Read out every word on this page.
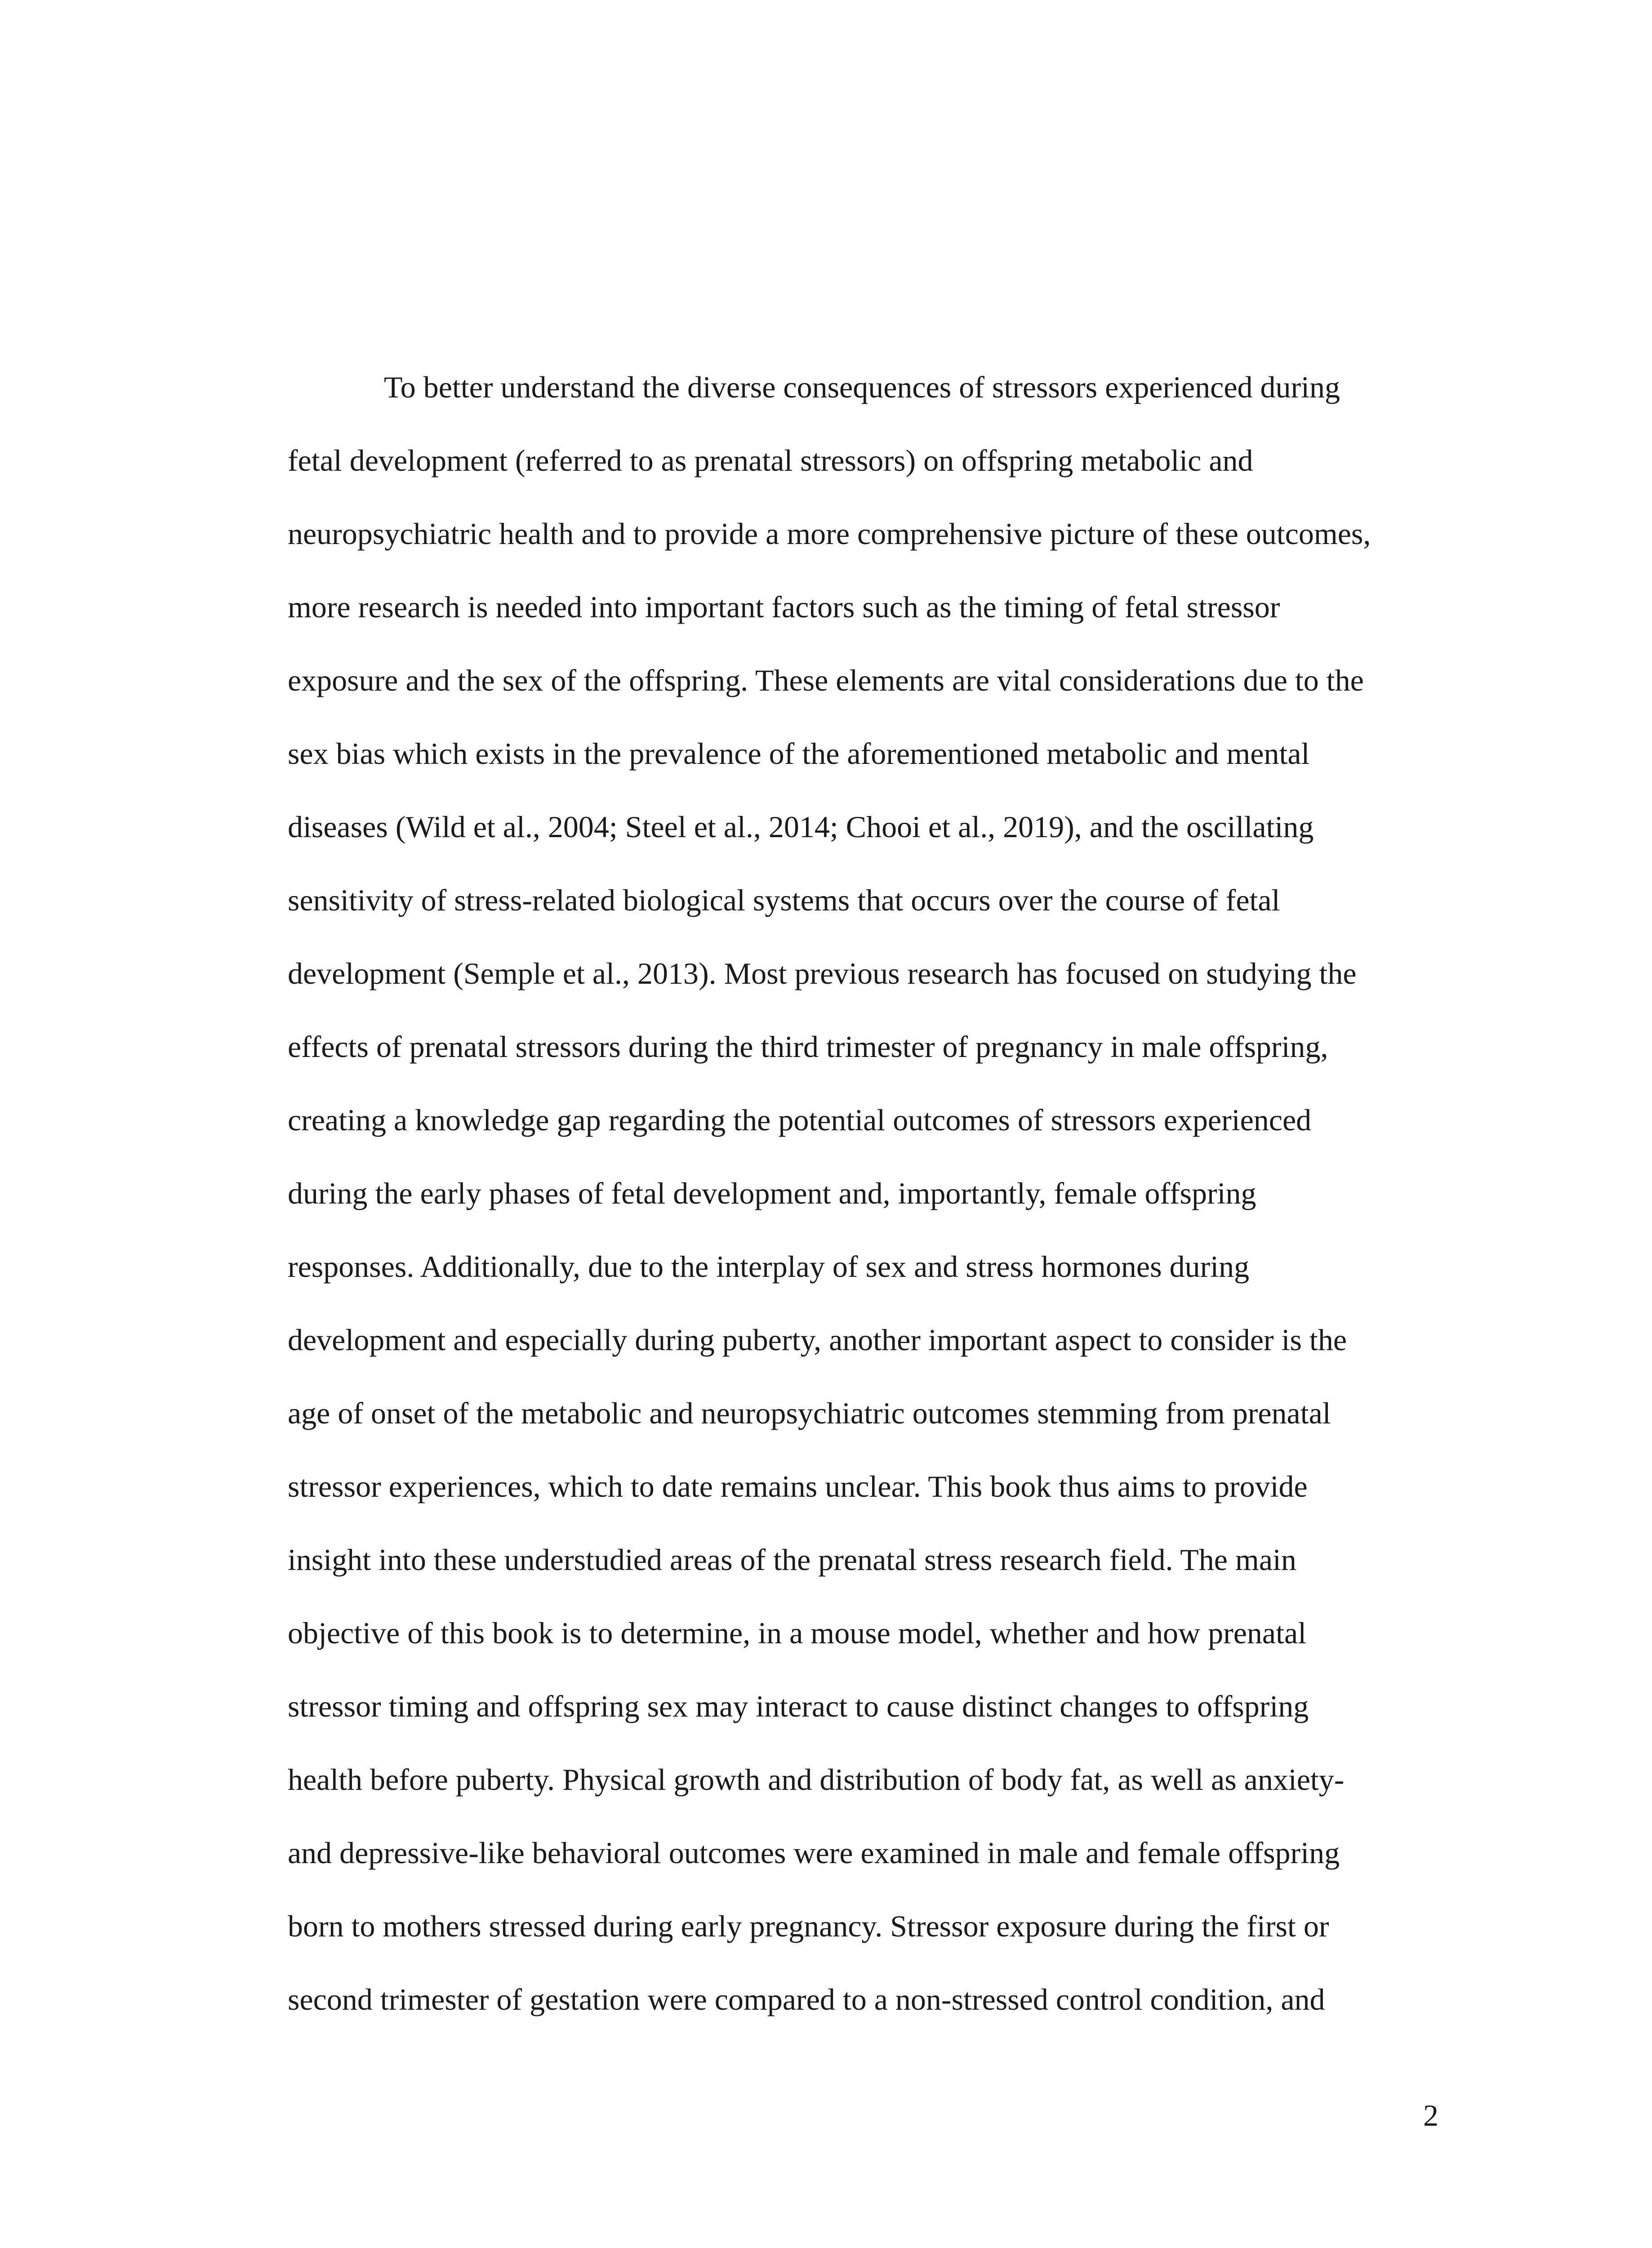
To better understand the diverse consequences of stressors experienced during
fetal development (referred to as prenatal stressors) on offspring metabolic and
neuropsychiatric health and to provide a more comprehensive picture of these outcomes,
more research is needed into important factors such as the timing of fetal stressor
exposure and the sex of the offspring. These elements are vital considerations due to the
sex bias which exists in the prevalence of the aforementioned metabolic and mental
diseases (Wild et al., 2004; Steel et al., 2014; Chooi et al., 2019), and the oscillating
sensitivity of stress-related biological systems that occurs over the course of fetal
development (Semple et al., 2013). Most previous research has focused on studying the
effects of prenatal stressors during the third trimester of pregnancy in male offspring,
creating a knowledge gap regarding the potential outcomes of stressors experienced
during the early phases of fetal development and, importantly, female offspring
responses. Additionally, due to the interplay of sex and stress hormones during
development and especially during puberty, another important aspect to consider is the
age of onset of the metabolic and neuropsychiatric outcomes stemming from prenatal
stressor experiences, which to date remains unclear. This book thus aims to provide
insight into these understudied areas of the prenatal stress research field. The main
objective of this book is to determine, in a mouse model, whether and how prenatal
stressor timing and offspring sex may interact to cause distinct changes to offspring
health before puberty. Physical growth and distribution of body fat, as well as anxiety-
and depressive-like behavioral outcomes were examined in male and female offspring
born to mothers stressed during early pregnancy. Stressor exposure during the first or
second trimester of gestation were compared to a non-stressed control condition, and
2
